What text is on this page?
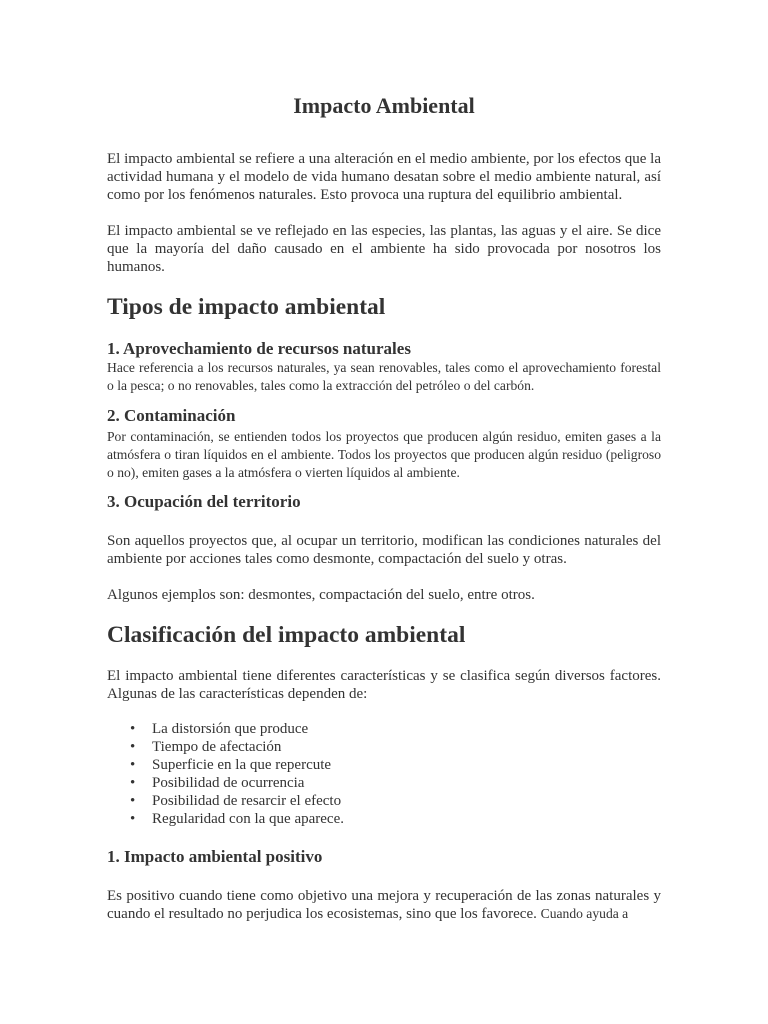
Impacto Ambiental

El impacto ambiental se refiere a una alteración en el medio ambiente, por los efectos que la actividad humana y el modelo de vida humano desatan sobre el medio ambiente natural, así como por los fenómenos naturales. Esto provoca una ruptura del equilibrio ambiental.

El impacto ambiental se ve reflejado en las especies, las plantas, las aguas y el aire. Se dice que la mayoría del daño causado en el ambiente ha sido provocada por nosotros los humanos.

Tipos de impacto ambiental
1. Aprovechamiento de recursos naturales

Hace referencia a los recursos naturales, ya sean renovables, tales como el aprovechamiento forestal o la pesca; o no renovables, tales como la extracción del petróleo o del carbón.

2. Contaminación

Por contaminación, se entienden todos los proyectos que producen algún residuo, emiten gases a la atmósfera o tiran líquidos en el ambiente. Todos los proyectos que producen algún residuo (peligroso o no), emiten gases a la atmósfera o vierten líquidos al ambiente.

3. Ocupación del territorio

Son aquellos proyectos que, al ocupar un territorio, modifican las condiciones naturales del ambiente por acciones tales como desmonte, compactación del suelo y otras.

Algunos ejemplos son: desmontes, compactación del suelo, entre otros.

Clasificación del impacto ambiental

El impacto ambiental tiene diferentes características y se clasifica según diversos factores. Algunas de las características dependen de:

• La distorsión que produce
• Tiempo de afectación
• Superficie en la que repercute
• Posibilidad de ocurrencia
• Posibilidad de resarcir el efecto
• Regularidad con la que aparece.
1. Impacto ambiental positivo

Es positivo cuando tiene como objetivo una mejora y recuperación de las zonas naturales y cuando el resultado no perjudica los ecosistemas, sino que los favorece. Cuando ayuda a
